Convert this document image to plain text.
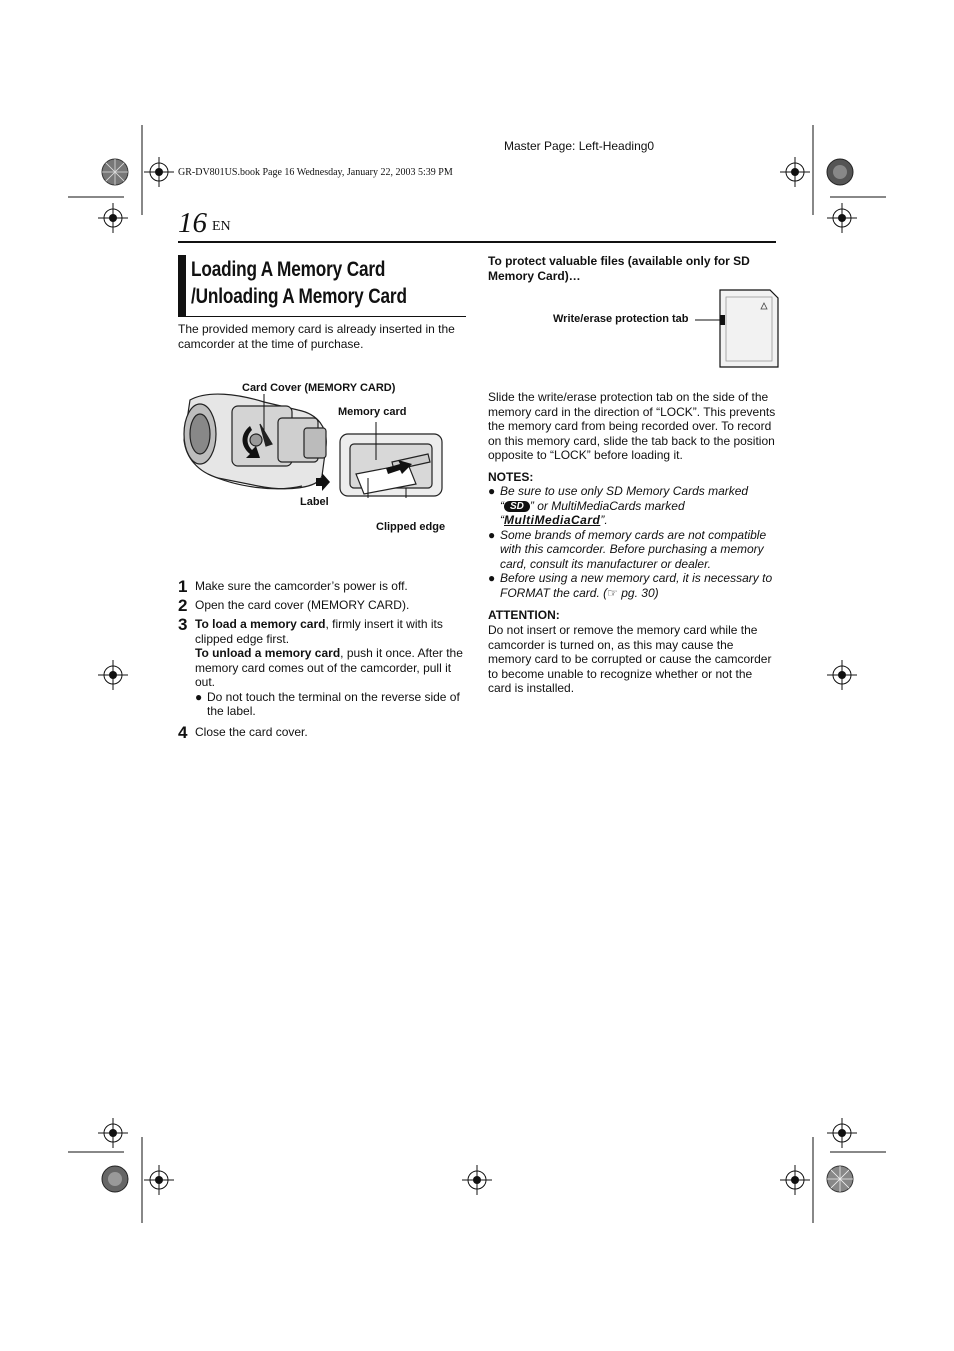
Master Page: Left-Heading0
GR-DV801US.book Page 16 Wednesday, January 22, 2003 5:39 PM
16 EN
Loading A Memory Card
/Unloading A Memory Card
The provided memory card is already inserted in the camcorder at the time of purchase.
Card Cover (MEMORY CARD)
Memory card
Label
Clipped edge
1 Make sure the camcorder’s power is off.
2 Open the card cover (MEMORY CARD).
3 To load a memory card, firmly insert it with its clipped edge first.
To unload a memory card, push it once. After the memory card comes out of the camcorder, pull it out.
● Do not touch the terminal on the reverse side of the label.
4 Close the card cover.
To protect valuable files (available only for SD Memory Card)…
Write/erase protection tab
Slide the write/erase protection tab on the side of the memory card in the direction of “LOCK”. This prevents the memory card from being recorded over. To record on this memory card, slide the tab back to the position opposite to “LOCK” before loading it.
NOTES:
● Be sure to use only SD Memory Cards marked
“ SD ” or MultiMediaCards marked
“MultiMediaCard”.
● Some brands of memory cards are not compatible with this camcorder. Before purchasing a memory card, consult its manufacturer or dealer.
● Before using a new memory card, it is necessary to FORMAT the card. (☞ pg. 30)
ATTENTION:
Do not insert or remove the memory card while the camcorder is turned on, as this may cause the memory card to be corrupted or cause the camcorder to become unable to recognize whether or not the card is installed.
